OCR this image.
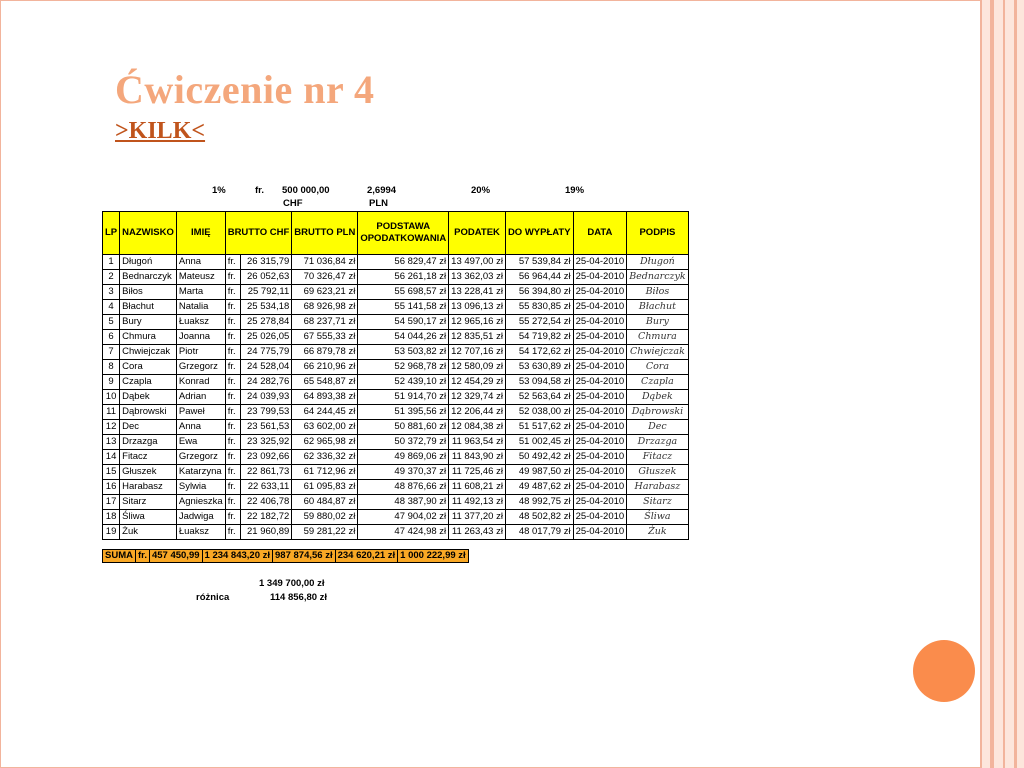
Ćwiczenie nr 4
>KILK<
1%	fr. 500 000,00
CHF
2,6994
PLN
20%	19%
LP	NAZWISKO	IMIĘ	BRUTTO CHF		BRUTTO PLN	PODSTAWA OPODATKOWANIA	PODATEK	DO WYPŁATY	DATA	PODPIS
1	Długoń	Anna	fr.	26 315,79	71 036,84 zł	56 829,47 zł	13 497,00 zł	57 539,84 zł	25-04-2010	Długoń
2	Bednarczyk	Mateusz	fr.	26 052,63	70 326,47 zł	56 261,18 zł	13 362,03 zł	56 964,44 zł	25-04-2010	Bednarczyk
3	Biłos	Marta	fr.	25 792,11	69 623,21 zł	55 698,57 zł	13 228,41 zł	56 394,80 zł	25-04-2010	Biłos
4	Błachut	Natalia	fr.	25 534,18	68 926,98 zł	55 141,58 zł	13 096,13 zł	55 830,85 zł	25-04-2010	Błachut
5	Bury	Łuaksz	fr.	25 278,84	68 237,71 zł	54 590,17 zł	12 965,16 zł	55 272,54 zł	25-04-2010	Bury
6	Chmura	Joanna	fr.	25 026,05	67 555,33 zł	54 044,26 zł	12 835,51 zł	54 719,82 zł	25-04-2010	Chmura
7	Chwiejczak	Piotr	fr.	24 775,79	66 879,78 zł	53 503,82 zł	12 707,16 zł	54 172,62 zł	25-04-2010	Chwiejczak
8	Cora	Grzegorz	fr.	24 528,04	66 210,96 zł	52 968,78 zł	12 580,09 zł	53 630,89 zł	25-04-2010	Cora
9	Czapla	Konrad	fr.	24 282,76	65 548,87 zł	52 439,10 zł	12 454,29 zł	53 094,58 zł	25-04-2010	Czapla
10	Dąbek	Adrian	fr.	24 039,93	64 893,38 zł	51 914,70 zł	12 329,74 zł	52 563,64 zł	25-04-2010	Dąbek
11	Dąbrowski	Paweł	fr.	23 799,53	64 244,45 zł	51 395,56 zł	12 206,44 zł	52 038,00 zł	25-04-2010	Dąbrowski
12	Dec	Anna	fr.	23 561,53	63 602,00 zł	50 881,60 zł	12 084,38 zł	51 517,62 zł	25-04-2010	Dec
13	Drzazga	Ewa	fr.	23 325,92	62 965,98 zł	50 372,79 zł	11 963,54 zł	51 002,45 zł	25-04-2010	Drzazga
14	Fitacz	Grzegorz	fr.	23 092,66	62 336,32 zł	49 869,06 zł	11 843,90 zł	50 492,42 zł	25-04-2010	Fitacz
15	Głuszek	Katarzyna	fr.	22 861,73	61 712,96 zł	49 370,37 zł	11 725,46 zł	49 987,50 zł	25-04-2010	Głuszek
16	Harabasz	Sylwia	fr.	22 633,11	61 095,83 zł	48 876,66 zł	11 608,21 zł	49 487,62 zł	25-04-2010	Harabasz
17	Sitarz	Agnieszka	fr.	22 406,78	60 484,87 zł	48 387,90 zł	11 492,13 zł	48 992,75 zł	25-04-2010	Sitarz
18	Śliwa	Jadwiga	fr.	22 182,72	59 880,02 zł	47 904,02 zł	11 377,20 zł	48 502,82 zł	25-04-2010	Śliwa
19	Żuk	Łuaksz	fr.	21 960,89	59 281,22 zł	47 424,98 zł	11 263,43 zł	48 017,79 zł	25-04-2010	Żuk
SUMA	fr.	457 450,99	1 234 843,20 zł	987 874,56 zł	234 620,21 zł	1 000 222,99 zł
1 349 700,00 zł
różnica	114 856,80 zł
